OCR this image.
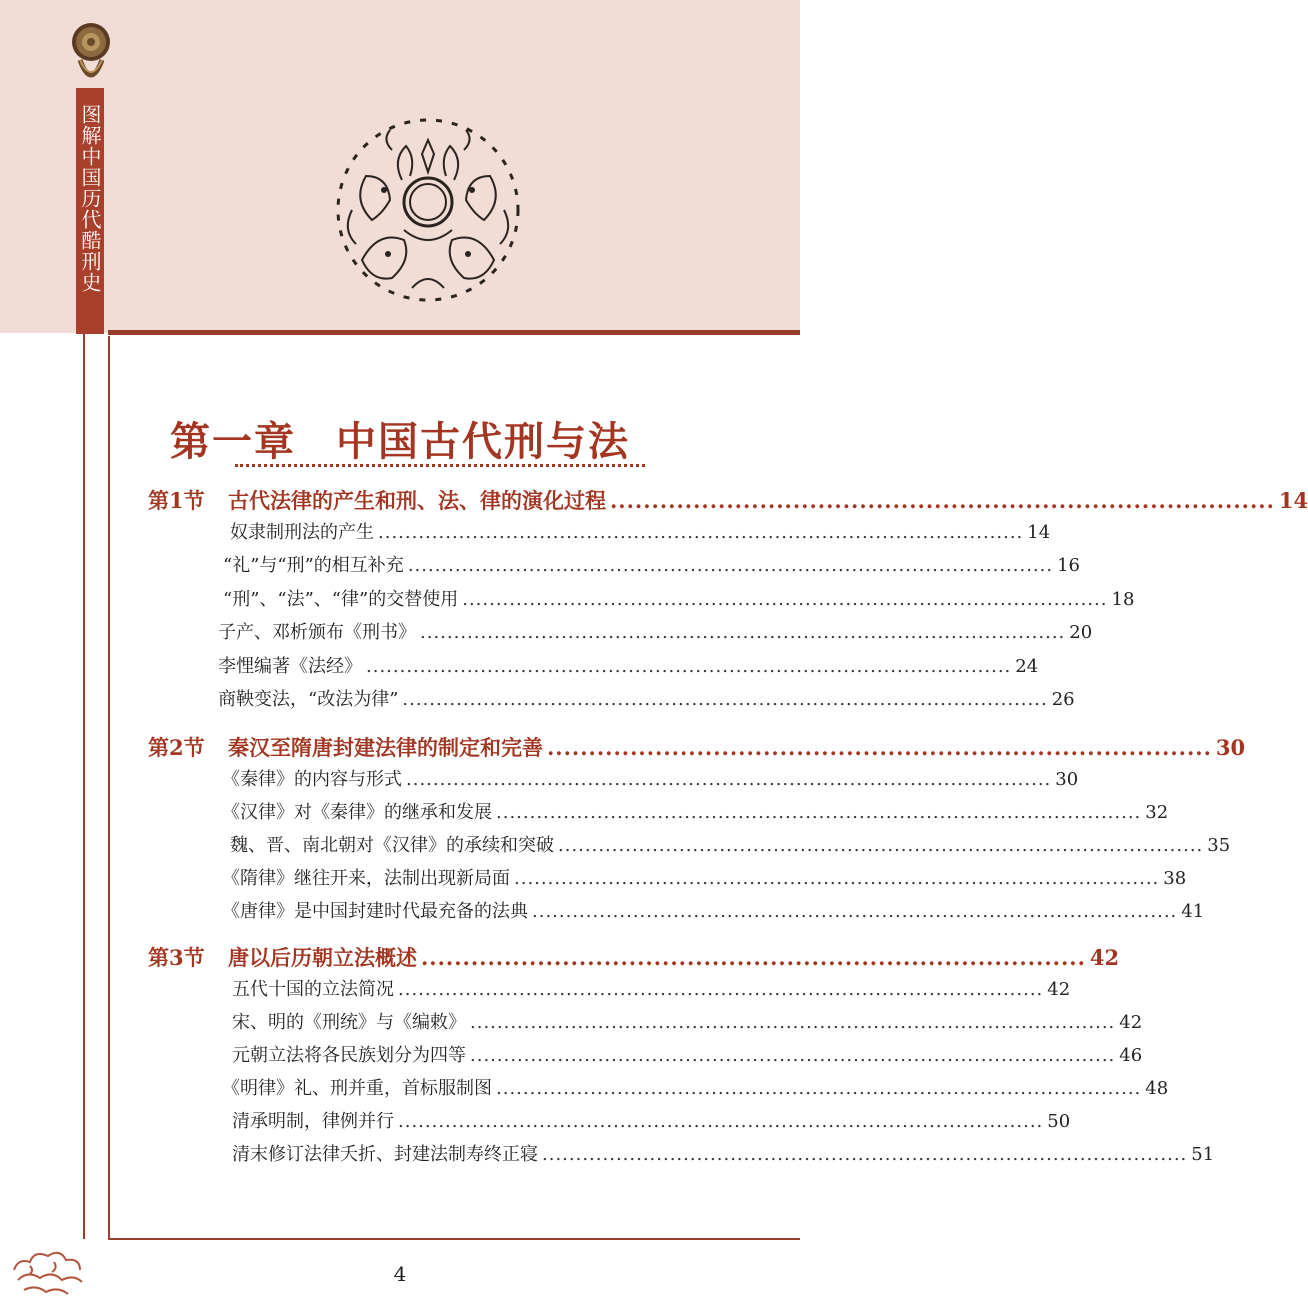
图解中国历代酷刑史
第一章 中国古代刑与法
第1节	古代法律的产生和刑、法、律的演化过程 ................................................................................ 14
奴隶制刑法的产生 ................................................................................................ 14
“礼”与“刑”的相互补充 ................................................................................................ 16
“刑”、“法”、“律”的交替使用 ................................................................................................ 18
子产、邓析颁布《刑书》 ................................................................................................ 20
李悝编著《法经》 ................................................................................................ 24
商鞅变法，“改法为律” ................................................................................................ 26
第2节	秦汉至隋唐封建法律的制定和完善 ................................................................................ 30
《秦律》的内容与形式 ................................................................................................ 30
《汉律》对《秦律》的继承和发展 ................................................................................................ 32
魏、晋、南北朝对《汉律》的承续和突破 ................................................................................................ 35
《隋律》继往开来，法制出现新局面 ................................................................................................ 38
《唐律》是中国封建时代最充备的法典 ................................................................................................ 41
第3节	唐以后历朝立法概述 ................................................................................ 42
五代十国的立法简况 ................................................................................................ 42
宋、明的《刑统》与《编敕》 ................................................................................................ 42
元朝立法将各民族划分为四等 ................................................................................................ 46
《明律》礼、刑并重，首标服制图 ................................................................................................ 48
清承明制，律例并行 ................................................................................................ 50
清末修订法律夭折、封建法制寿终正寝 ................................................................................................ 51
4
